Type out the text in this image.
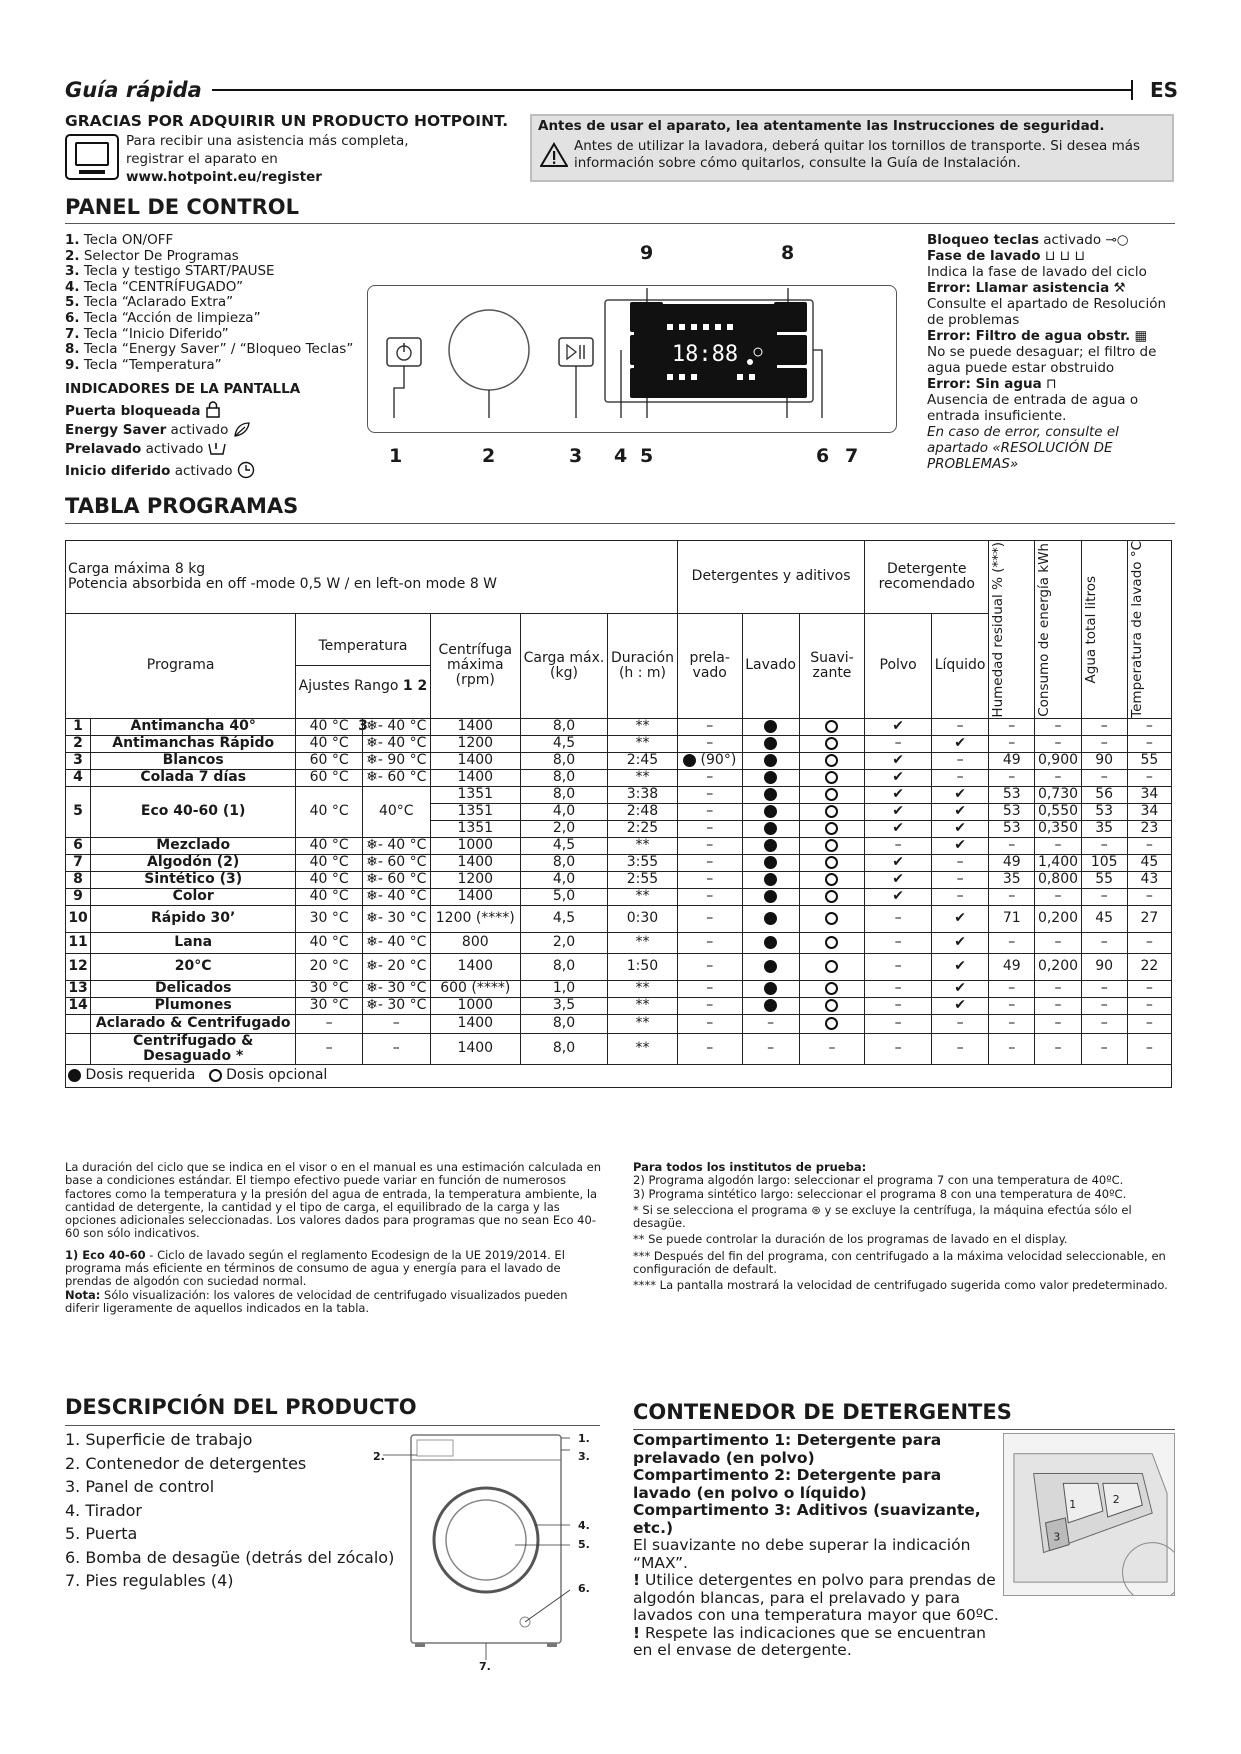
Guía rápida	ES
GRACIAS POR ADQUIRIR UN PRODUCTO HOTPOINT.
Para recibir una asistencia más completa,
registrar el aparato en
www.hotpoint.eu/register
Antes de usar el aparato, lea atentamente las Instrucciones de seguridad.
Antes de utilizar la lavadora, deberá quitar los tornillos de transporte. Si desea más información sobre cómo quitarlos, consulte la Guía de Instalación.
PANEL DE CONTROL
1. Tecla ON/OFF
2. Selector De Programas
3. Tecla y testigo START/PAUSE
4. Tecla “CENTRÍFUGADO”
5. Tecla “Aclarado Extra”
6. Tecla “Acción de limpieza”
7. Tecla “Inicio Diferido”
8. Tecla “Energy Saver” / “Bloqueo Teclas”
9. Tecla “Temperatura”
INDICADORES DE LA PANTALLA
Puerta bloqueada
Energy Saver activado
Prelavado activado
Inicio diferido activado
18:88
9	8
1	2	3 4 5	6 7
Bloqueo teclas activado ⊸○
Fase de lavado ⊔ ⊔ ⊔
Indica la fase de lavado del ciclo
Error: Llamar asistencia ⚒
Consulte el apartado de Resolución de problemas
Error: Filtro de agua obstr. ▦
No se puede desaguar; el filtro de agua puede estar obstruido
Error: Sin agua ⊓
Ausencia de entrada de agua o entrada insuficiente.
En caso de error, consulte el apartado «RESOLUCIÓN DE PROBLEMAS»
TABLA PROGRAMAS
Carga máxima 8 kg
Potencia absorbida en off -mode 0,5 W / en left-on mode 8 W							Detergentes y aditivos			Detergente recomendado		Humedad residual % (***)	Consumo de energía kWh	Agua total litros	Temperatura de lavado °C

Programa		Temperatura
Ajustes Rango 1 2 3		Centrífuga máxima (rpm)	Carga máx. (kg)	Duración (h : m)	prela- vado	Lavado	Suavi- zante	Polvo	Líquido				
1	Antimancha 40°	40 °C	❄- 40 °C	1400	8,0	**	–			✔	–	–	–	–	–
2	Antimanchas Rápido	40 °C	❄- 40 °C	1200	4,5	**	–			–	✔	–	–	–	–
3	Blancos	60 °C	❄- 90 °C	1400	8,0	2:45	(90°)			✔	–	49	0,900	90	55
4	Colada 7 días	60 °C	❄- 60 °C	1400	8,0	**	–			✔	–	–	–	–	–
5	Eco 40-60 (1)	40 °C	40°C	1351	8,0	3:38	–			✔	✔	53	0,730	56	34
				1351	4,0	2:48	–			✔	✔	53	0,550	53	34
				1351	2,0	2:25	–			✔	✔	53	0,350	35	23
6	Mezclado	40 °C	❄- 40 °C	1000	4,5	**	–			–	✔	–	–	–	–
7	Algodón (2)	40 °C	❄- 60 °C	1400	8,0	3:55	–			✔	–	49	1,400	105	45
8	Sintético (3)	40 °C	❄- 60 °C	1200	4,0	2:55	–			✔	–	35	0,800	55	43
9	Color	40 °C	❄- 40 °C	1400	5,0	**	–			✔	–	–	–	–	–
10	Rápido 30’	30 °C	❄- 30 °C	1200 (****)	4,5	0:30	–			–	✔	71	0,200	45	27
11	Lana	40 °C	❄- 40 °C	800	2,0	**	–			–	✔	–	–	–	–
12	20°C	20 °C	❄- 20 °C	1400	8,0	1:50	–			–	✔	49	0,200	90	22
13	Delicados	30 °C	❄- 30 °C	600 (****)	1,0	**	–			–	✔	–	–	–	–
14	Plumones	30 °C	❄- 30 °C	1000	3,5	**	–			–	✔	–	–	–	–
	Aclarado & Centrifugado	–	–	1400	8,0	**	–	–		–	–	–	–	–	–
	Centrifugado & Desaguado *	–	–	1400	8,0	**	–	–	–	–	–	–	–	–	–
Dosis requerida Dosis opcional															

La duración del ciclo que se indica en el visor o en el manual es una estimación calculada en base a condiciones estándar. El tiempo efectivo puede variar en función de numerosos factores como la temperatura y la presión del agua de entrada, la temperatura ambiente, la cantidad de detergente, la cantidad y el tipo de carga, el equilibrado de la carga y las opciones adicionales seleccionadas. Los valores dados para programas que no sean Eco 40-60 son sólo indicativos.

1) Eco 40-60 - Ciclo de lavado según el reglamento Ecodesign de la UE 2019/2014. El programa más eficiente en términos de consumo de agua y energía para el lavado de prendas de algodón con suciedad normal.

Nota: Sólo visualización: los valores de velocidad de centrifugado visualizados pueden diferir ligeramente de aquellos indicados en la tabla.

Para todos los institutos de prueba:

2) Programa algodón largo: seleccionar el programa 7 con una temperatura de 40ºC.

3) Programa sintético largo: seleccionar el programa 8 con una temperatura de 40ºC.

* Si se selecciona el programa ⊛ y se excluye la centrífuga, la máquina efectúa sólo el desagüe.

** Se puede controlar la duración de los programas de lavado en el display.

*** Después del fin del programa, con centrifugado a la máxima velocidad seleccionable, en configuración de default.

**** La pantalla mostrará la velocidad de centrifugado sugerida como valor predeterminado.

DESCRIPCIÓN DEL PRODUCTO
1. Superficie de trabajo
2. Contenedor de detergentes
3. Panel de control
4. Tirador
5. Puerta
6. Bomba de desagüe (detrás del zócalo)
7. Pies regulables (4)
1.
2.	3.
4.
5.
6.
7.
CONTENEDOR DE DETERGENTES
Compartimento 1: Detergente para prelavado (en polvo)
Compartimento 2: Detergente para lavado (en polvo o líquido)
Compartimento 3: Aditivos (suavizante, etc.)
El suavizante no debe superar la indicación “MAX”.
! Utilice detergentes en polvo para prendas de algodón blancas, para el prelavado y para lavados con una temperatura mayor que 60ºC.
! Respete las indicaciones que se encuentran en el envase de detergente.
1	2
3
